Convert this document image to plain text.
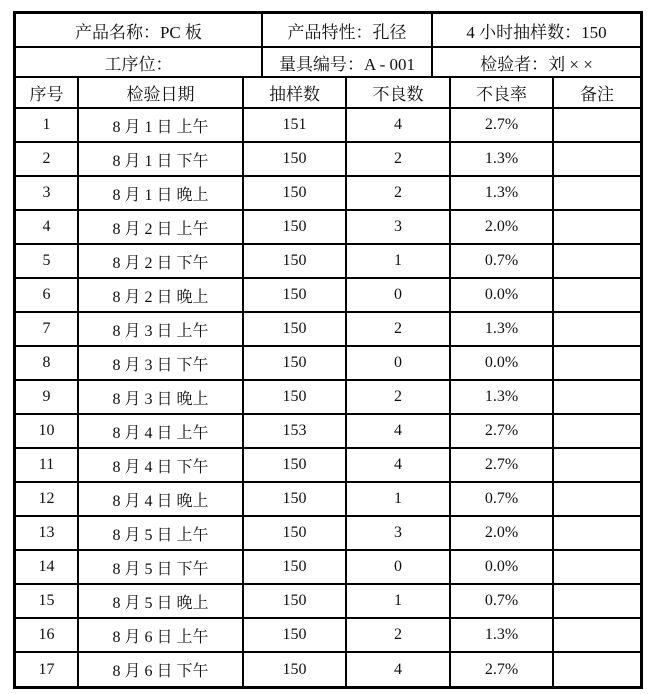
产品名称：PC 板	产品特性：孔径	4 小时抽样数：150
工序位：	量具编号：A - 001	检验者：刘 × ×
序号	检验日期	抽样数	不良数	不良率	备注
1	8 月 1 日 上午	151	4	2.7%	
2	8 月 1 日 下午	150	2	1.3%	
3	8 月 1 日 晚上	150	2	1.3%	
4	8 月 2 日 上午	150	3	2.0%	
5	8 月 2 日 下午	150	1	0.7%	
6	8 月 2 日 晚上	150	0	0.0%	
7	8 月 3 日 上午	150	2	1.3%	
8	8 月 3 日 下午	150	0	0.0%	
9	8 月 3 日 晚上	150	2	1.3%	
10	8 月 4 日 上午	153	4	2.7%	
11	8 月 4 日 下午	150	4	2.7%	
12	8 月 4 日 晚上	150	1	0.7%	
13	8 月 5 日 上午	150	3	2.0%	
14	8 月 5 日 下午	150	0	0.0%	
15	8 月 5 日 晚上	150	1	0.7%	
16	8 月 6 日 上午	150	2	1.3%	
17	8 月 6 日 下午	150	4	2.7%	
